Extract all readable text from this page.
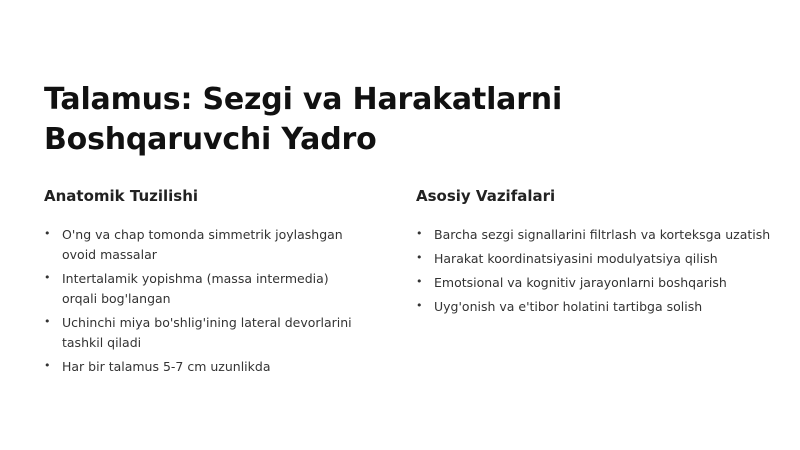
Talamus: Sezgi va Harakatlarni Boshqaruvchi Yadro
Anatomik Tuzilishi
• O'ng va chap tomonda simmetrik joylashgan ovoid massalar
• Intertalamik yopishma (massa intermedia) orqali bog'langan
• Uchinchi miya bo'shlig'ining lateral devorlarini tashkil qiladi
• Har bir talamus 5-7 cm uzunlikda
Asosiy Vazifalari
• Barcha sezgi signallarini filtrlash va korteksga uzatish
• Harakat koordinatsiyasini modulyatsiya qilish
• Emotsional va kognitiv jarayonlarni boshqarish
• Uyg'onish va e'tibor holatini tartibga solish
